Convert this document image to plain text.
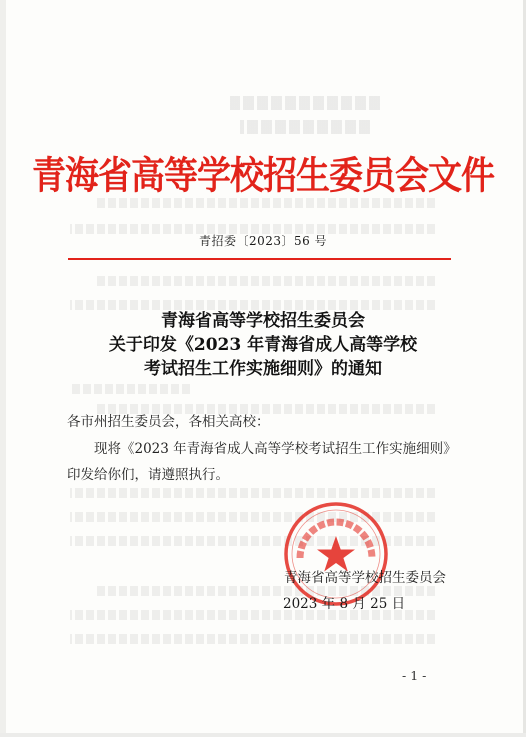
青海省高等学校招生委员会文件
青招委〔2023〕56 号
青海省高等学校招生委员会
关于印发《2023 年青海省成人高等学校
考试招生工作实施细则》的通知
各市州招生委员会，各相关高校：
现将《2023 年青海省成人高等学校考试招生工作实施细则》
印发给你们，请遵照执行。
青海省高等学校招生委员会
2023 年 8 月 25 日
- 1 -
